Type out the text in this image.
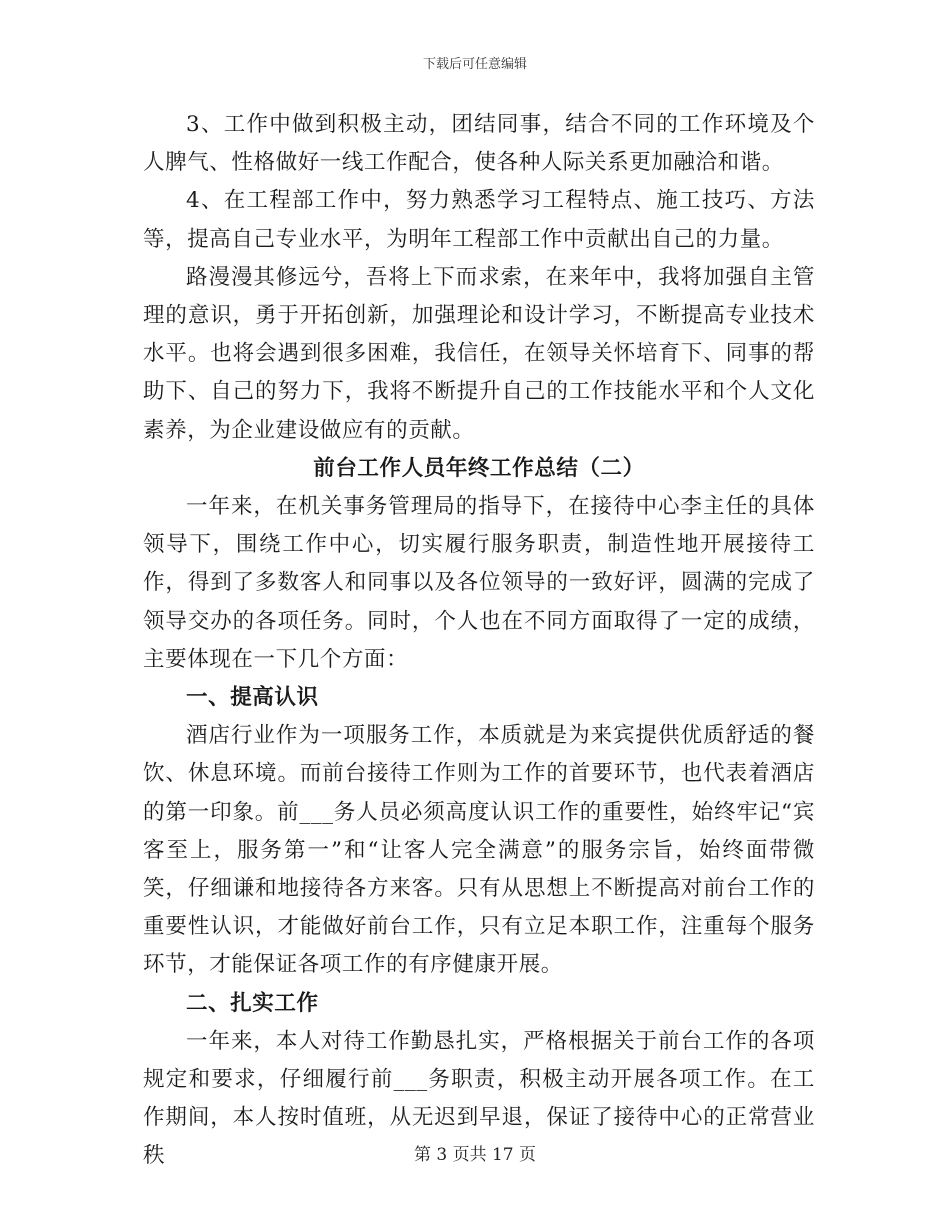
下载后可任意编辑

3、工作中做到积极主动，团结同事，结合不同的工作环境及个人脾气、性格做好一线工作配合，使各种人际关系更加融洽和谐。

4、在工程部工作中，努力熟悉学习工程特点、施工技巧、方法等，提高自己专业水平，为明年工程部工作中贡献出自己的力量。

路漫漫其修远兮，吾将上下而求索，在来年中，我将加强自主管理的意识，勇于开拓创新，加强理论和设计学习，不断提高专业技术水平。也将会遇到很多困难，我信任，在领导关怀培育下、同事的帮助下、自己的努力下，我将不断提升自己的工作技能水平和个人文化素养，为企业建设做应有的贡献。

前台工作人员年终工作总结（二）

一年来，在机关事务管理局的指导下，在接待中心李主任的具体领导下，围绕工作中心，切实履行服务职责，制造性地开展接待工作，得到了多数客人和同事以及各位领导的一致好评，圆满的完成了领导交办的各项任务。同时，个人也在不同方面取得了一定的成绩，主要体现在一下几个方面：

一、提高认识

酒店行业作为一项服务工作，本质就是为来宾提供优质舒适的餐饮、休息环境。而前台接待工作则为工作的首要环节，也代表着酒店的第一印象。前___务人员必须高度认识工作的重要性，始终牢记“宾客至上，服务第一”和“让客人完全满意”的服务宗旨，始终面带微笑，仔细谦和地接待各方来客。只有从思想上不断提高对前台工作的重要性认识，才能做好前台工作，只有立足本职工作，注重每个服务环节，才能保证各项工作的有序健康开展。

二、扎实工作

一年来，本人对待工作勤恳扎实，严格根据关于前台工作的各项规定和要求，仔细履行前___务职责，积极主动开展各项工作。在工作期间，本人按时值班，从无迟到早退，保证了接待中心的正常营业秩	第 3 页共 17 页
